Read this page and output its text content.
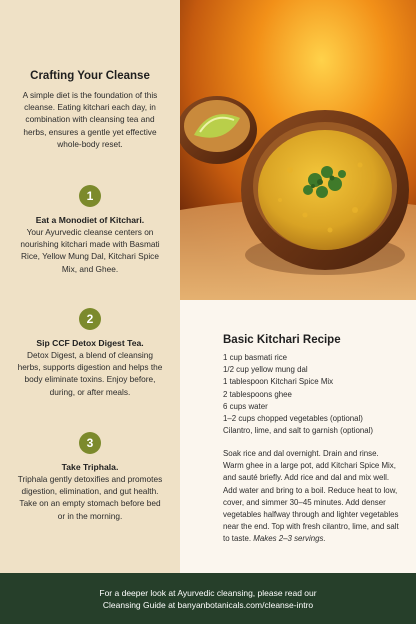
Crafting Your Cleanse
A simple diet is the foundation of this cleanse. Eating kitchari each day, in combination with cleansing tea and herbs, ensures a gentle yet effective whole-body reset.
1
Eat a Monodiet of Kitchari.
Your Ayurvedic cleanse centers on nourishing kitchari made with Basmati Rice, Yellow Mung Dal, Kitchari Spice Mix, and Ghee.
2
Sip CCF Detox Digest Tea.
Detox Digest, a blend of cleansing herbs, supports digestion and helps the body eliminate toxins. Enjoy before, during, or after meals.
3
Take Triphala.
Triphala gently detoxifies and promotes digestion, elimination, and gut health. Take on an empty stomach before bed or in the morning.
Basic Kitchari Recipe
1 cup basmati rice
1/2 cup yellow mung dal
1 tablespoon Kitchari Spice Mix
2 tablespoons ghee
6 cups water
1–2 cups chopped vegetables (optional)
Cilantro, lime, and salt to garnish (optional)

Soak rice and dal overnight. Drain and rinse. Warm ghee in a large pot, add Kitchari Spice Mix, and sauté briefly. Add rice and dal and mix well. Add water and bring to a boil. Reduce heat to low, cover, and simmer 30–45 minutes. Add denser vegetables halfway through and lighter vegetables near the end. Top with fresh cilantro, lime, and salt to taste. Makes 2–3 servings.

For a deeper look at Ayurvedic cleansing, please read our
Cleansing Guide at banyanbotanicals.com/cleanse-intro
